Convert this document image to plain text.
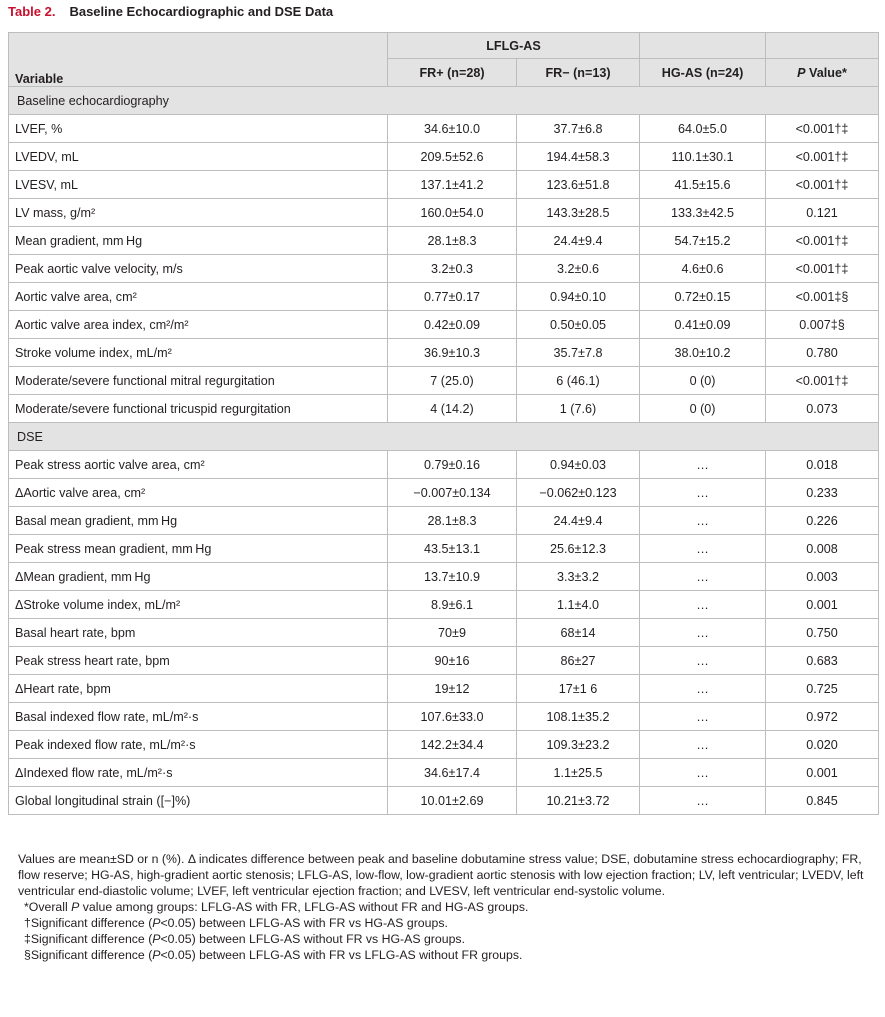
Table 2. Baseline Echocardiographic and DSE Data
Variable	LFLG-AS			
	FR+ (n=28)	FR− (n=13)	HG-AS (n=24)	P Value*
Baseline echocardiography				
LVEF, %	34.6±10.0	37.7±6.8	64.0±5.0	<0.001†‡
LVEDV, mL	209.5±52.6	194.4±58.3	110.1±30.1	<0.001†‡
LVESV, mL	137.1±41.2	123.6±51.8	41.5±15.6	<0.001†‡
LV mass, g/m²	160.0±54.0	143.3±28.5	133.3±42.5	0.121
Mean gradient, mm Hg	28.1±8.3	24.4±9.4	54.7±15.2	<0.001†‡
Peak aortic valve velocity, m/s	3.2±0.3	3.2±0.6	4.6±0.6	<0.001†‡
Aortic valve area, cm²	0.77±0.17	0.94±0.10	0.72±0.15	<0.001‡§
Aortic valve area index, cm²/m²	0.42±0.09	0.50±0.05	0.41±0.09	0.007‡§
Stroke volume index, mL/m²	36.9±10.3	35.7±7.8	38.0±10.2	0.780
Moderate/severe functional mitral regurgitation	7 (25.0)	6 (46.1)	0 (0)	<0.001†‡
Moderate/severe functional tricuspid regurgitation	4 (14.2)	1 (7.6)	0 (0)	0.073
DSE				
Peak stress aortic valve area, cm²	0.79±0.16	0.94±0.03	…	0.018
ΔAortic valve area, cm²	−0.007±0.134	−0.062±0.123	…	0.233
Basal mean gradient, mm Hg	28.1±8.3	24.4±9.4	…	0.226
Peak stress mean gradient, mm Hg	43.5±13.1	25.6±12.3	…	0.008
ΔMean gradient, mm Hg	13.7±10.9	3.3±3.2	…	0.003
ΔStroke volume index, mL/m²	8.9±6.1	1.1±4.0	…	0.001
Basal heart rate, bpm	70±9	68±14	…	0.750
Peak stress heart rate, bpm	90±16	86±27	…	0.683
ΔHeart rate, bpm	19±12	17±1 6	…	0.725
Basal indexed flow rate, mL/m²·s	107.6±33.0	108.1±35.2	…	0.972
Peak indexed flow rate, mL/m²·s	142.2±34.4	109.3±23.2	…	0.020
ΔIndexed flow rate, mL/m²·s	34.6±17.4	1.1±25.5	…	0.001
Global longitudinal strain ([−]%)	10.01±2.69	10.21±3.72	…	0.845

Values are mean±SD or n (%). Δ indicates difference between peak and baseline dobutamine stress value; DSE, dobutamine stress echocardiography; FR, flow reserve; HG-AS, high-gradient aortic stenosis; LFLG-AS, low-flow, low-gradient aortic stenosis with low ejection fraction; LV, left ventricular; LVEDV, left ventricular end-diastolic volume; LVEF, left ventricular ejection fraction; and LVESV, left ventricular end-systolic volume.

*Overall P value among groups: LFLG-AS with FR, LFLG-AS without FR and HG-AS groups.

†Significant difference (P<0.05) between LFLG-AS with FR vs HG-AS groups.

‡Significant difference (P<0.05) between LFLG-AS without FR vs HG-AS groups.

§Significant difference (P<0.05) between LFLG-AS with FR vs LFLG-AS without FR groups.
